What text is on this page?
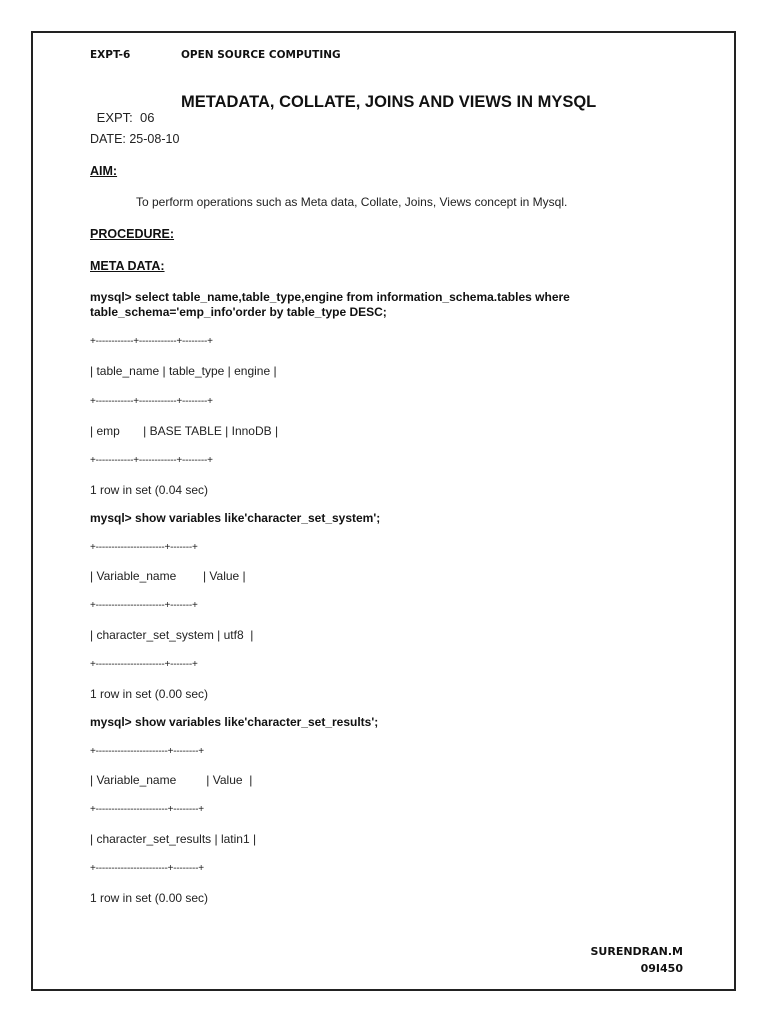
EXPT-6	OPEN SOURCE COMPUTING

EXPT:  06

METADATA, COLLATE, JOINS AND VIEWS IN MYSQL

DATE: 25-08-10
AIM:
To perform operations such as Meta data, Collate, Joins, Views concept in Mysql.
PROCEDURE:
META DATA:
mysql> select table_name,table_type,engine from information_schema.tables where
table_schema='emp_info'order by table_type DESC;
+------------+------------+--------+
| table_name | table_type | engine |
+------------+------------+--------+
| emp       | BASE TABLE | InnoDB |
+------------+------------+--------+
1 row in set (0.04 sec)
mysql> show variables like'character_set_system';
+----------------------+-------+
| Variable_name        | Value |
+----------------------+-------+
| character_set_system | utf8  |
+----------------------+-------+
1 row in set (0.00 sec)
mysql> show variables like'character_set_results';
+-----------------------+--------+
| Variable_name         | Value  |
+-----------------------+--------+
| character_set_results | latin1 |
+-----------------------+--------+
1 row in set (0.00 sec)
SURENDRAN.M
09I450
